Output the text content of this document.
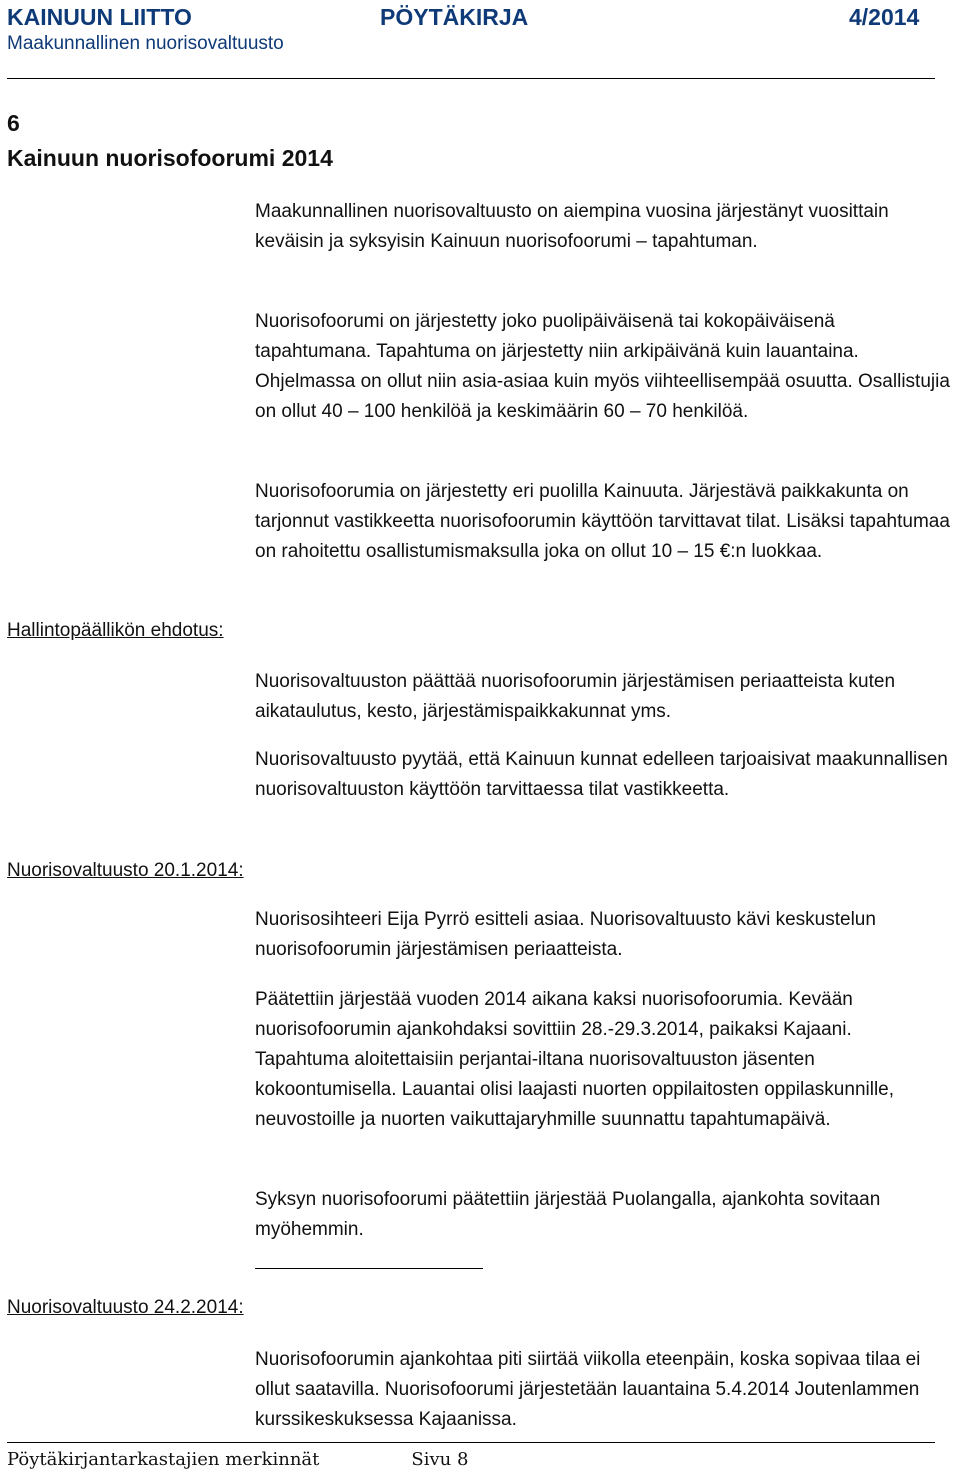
KAINUUN LIITTO	PÖYTÄKIRJA	4/2014
Maakunnallinen nuorisovaltuusto
6
Kainuun nuorisofoorumi 2014
Hallintopäällikön ehdotus:
Nuorisovaltuusto 20.1.2014:
Nuorisovaltuusto 24.2.2014:

Maakunnallinen nuorisovaltuusto on aiempina vuosina järjestänyt vuosittain keväisin ja syksyisin Kainuun nuorisofoorumi – tapahtuman.

Nuorisofoorumi on järjestetty joko puolipäiväisenä tai kokopäiväisenä tapahtumana. Tapahtuma on järjestetty niin arkipäivänä kuin lauantaina. Ohjelmassa on ollut niin asia-asiaa kuin myös viihteellisempää osuutta. Osallistujia on ollut 40 – 100 henkilöä ja keskimäärin 60 – 70 henkilöä.

Nuorisofoorumia on järjestetty eri puolilla Kainuuta. Järjestävä paikkakunta on tarjonnut vastikkeetta nuorisofoorumin käyttöön tarvittavat tilat. Lisäksi tapahtumaa on rahoitettu osallistumismaksulla joka on ollut 10 – 15 €:n luokkaa.

Nuorisovaltuuston päättää nuorisofoorumin järjestämisen periaatteista kuten aikataulutus, kesto, järjestämispaikkakunnat yms.

Nuorisovaltuusto pyytää, että Kainuun kunnat edelleen tarjoaisivat maakunnallisen nuorisovaltuuston käyttöön tarvittaessa tilat vastikkeetta.

Nuorisosihteeri Eija Pyrrö esitteli asiaa. Nuorisovaltuusto kävi keskustelun nuorisofoorumin järjestämisen periaatteista.

Päätettiin järjestää vuoden 2014 aikana kaksi nuorisofoorumia. Kevään nuorisofoorumin ajankohdaksi sovittiin 28.-29.3.2014, paikaksi Kajaani. Tapahtuma aloitettaisiin perjantai-iltana nuorisovaltuuston jäsenten kokoontumisella. Lauantai olisi laajasti nuorten oppilaitosten oppilaskunnille, neuvostoille ja nuorten vaikuttajaryhmille suunnattu tapahtumapäivä.

Syksyn nuorisofoorumi päätettiin järjestää Puolangalla, ajankohta sovitaan myöhemmin.

Nuorisofoorumin ajankohtaa piti siirtää viikolla eteenpäin, koska sopivaa tilaa ei ollut saatavilla. Nuorisofoorumi järjestetään lauantaina 5.4.2014 Joutenlammen kurssikeskuksessa Kajaanissa.

Pöytäkirjantarkastajien merkinnät	Sivu 8
